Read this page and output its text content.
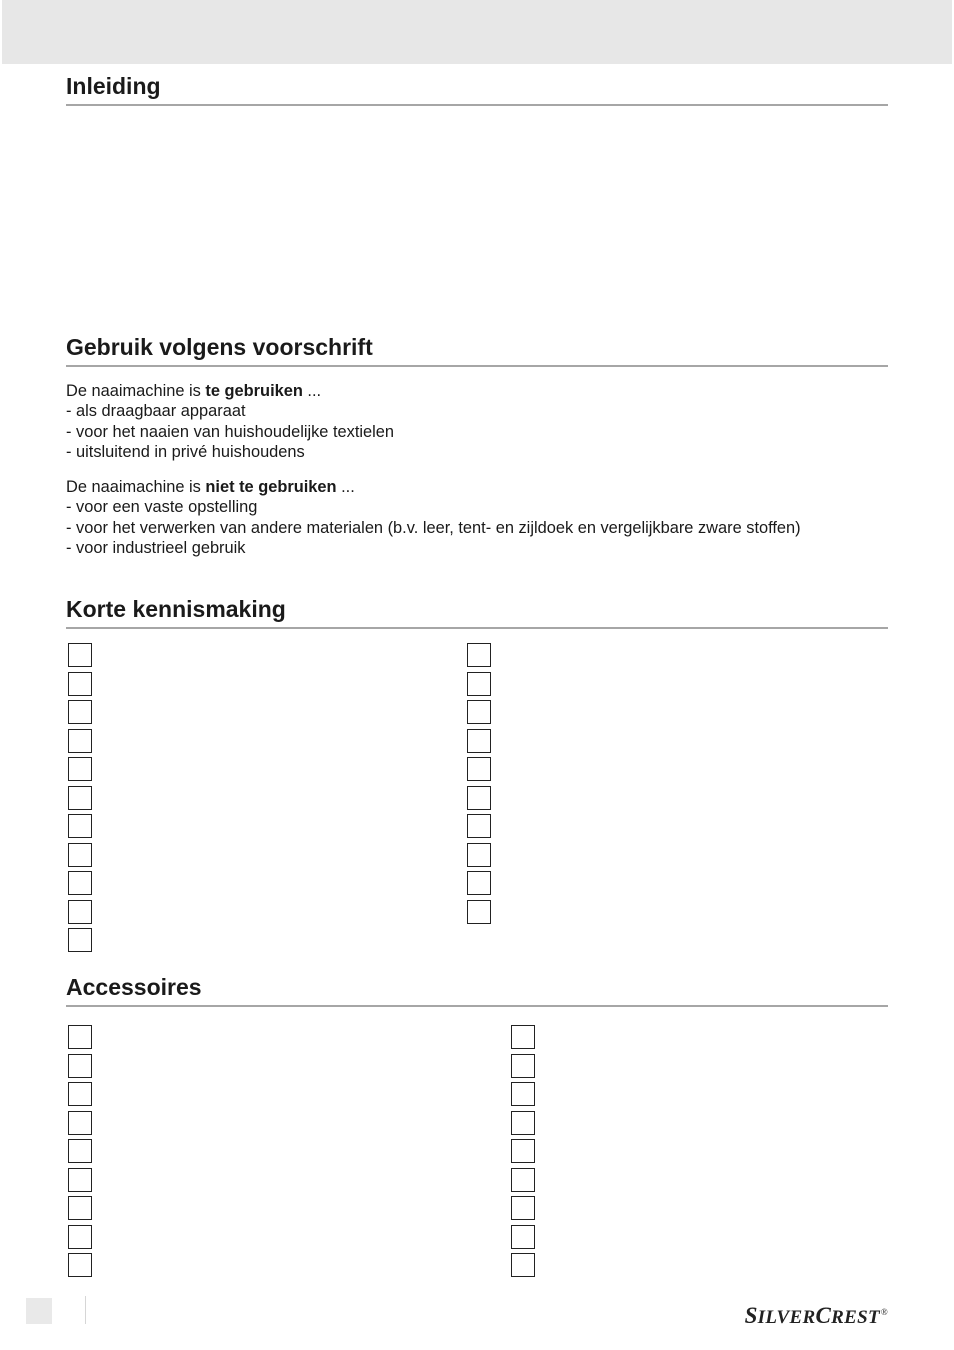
Inleiding
Gebruik volgens voorschrift

De naaimachine is te gebruiken ...

- als draagbaar apparaat

- voor het naaien van huishoudelijke textielen

- uitsluitend in privé huishoudens

De naaimachine is niet te gebruiken ...

- voor een vaste opstelling

- voor het verwerken van andere materialen (b.v. leer, tent- en zijldoek en vergelijkbare zware stoffen)

- voor industrieel gebruik

Korte kennismaking
Accessoires
SILVERCREST®
